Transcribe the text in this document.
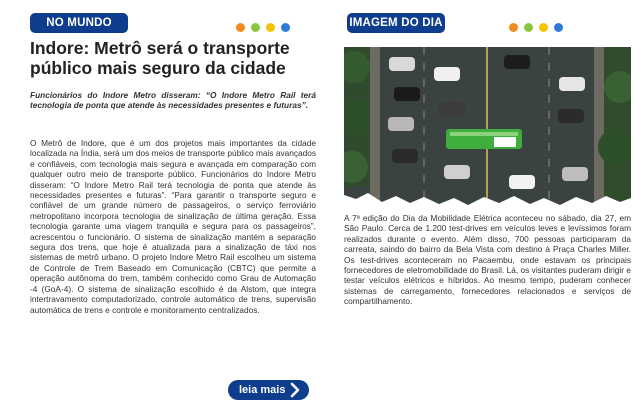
NO MUNDO
Indore: Metrô será o transporte público mais seguro da cidade

Funcionários do Indore Metro disseram: “O Indore Metro Rail terá tecnologia de ponta que atende às necessidades presentes e futuras”.

O Metrô de Indore, que é um dos projetos mais importantes da cidade localizada na Índia, será um dos meios de transporte público mais avançados e confiáveis, com tecnologia mais segura e avançada em comparação com qualquer outro meio de transporte público. Funcionários do Indore Metro disseram: “O Indore Metro Rail terá tecnologia de ponta que atende às necessidades presentes e futuras”. “Para garantir o transporte seguro e confiável de um grande número de passageiros, o serviço ferroviário metropolitano incorpora tecnologia de sinalização de última geração. Essa tecnologia garante uma viagem tranquila e segura para os passageiros”, acrescentou o funcionário. O sistema de sinalização mantém a separação segura dos trens, que hoje é atualizada para a sinalização de táxi nos sistemas de metrô urbano. O projeto Indore Metro Rail escolheu um sistema de Controle de Trem Baseado em Comunicação (CBTC) que permite a operação autônoma do trem, também conhecido como Grau de Automação -4 (GoA-4). O sistema de sinalização escolhido é da Alstom, que integra intertravamento computadorizado, controle automático de trens, supervisão automática de trens e controle e monitoramento centralizados.

leia mais
IMAGEM DO DIA

A 7ª edição do Dia da Mobilidade Elétrica aconteceu no sábado, dia 27, em São Paulo. Cerca de 1.200 test-drives em veículos leves e levíssimos foram realizados durante o evento. Além disso, 700 pessoas participaram da carreata, saindo do bairro da Bela Vista com destino à Praça Charles Miller. Os test-drives aconteceram no Pacaembu, onde estavam os principais fornecedores de eletromobilidade do Brasil. Lá, os visitantes puderam dirigir e testar veículos elétricos e híbridos. Ao mesmo tempo, puderam conhecer sistemas de carregamento, fornecedores relacionados e serviços de compartilhamento.
